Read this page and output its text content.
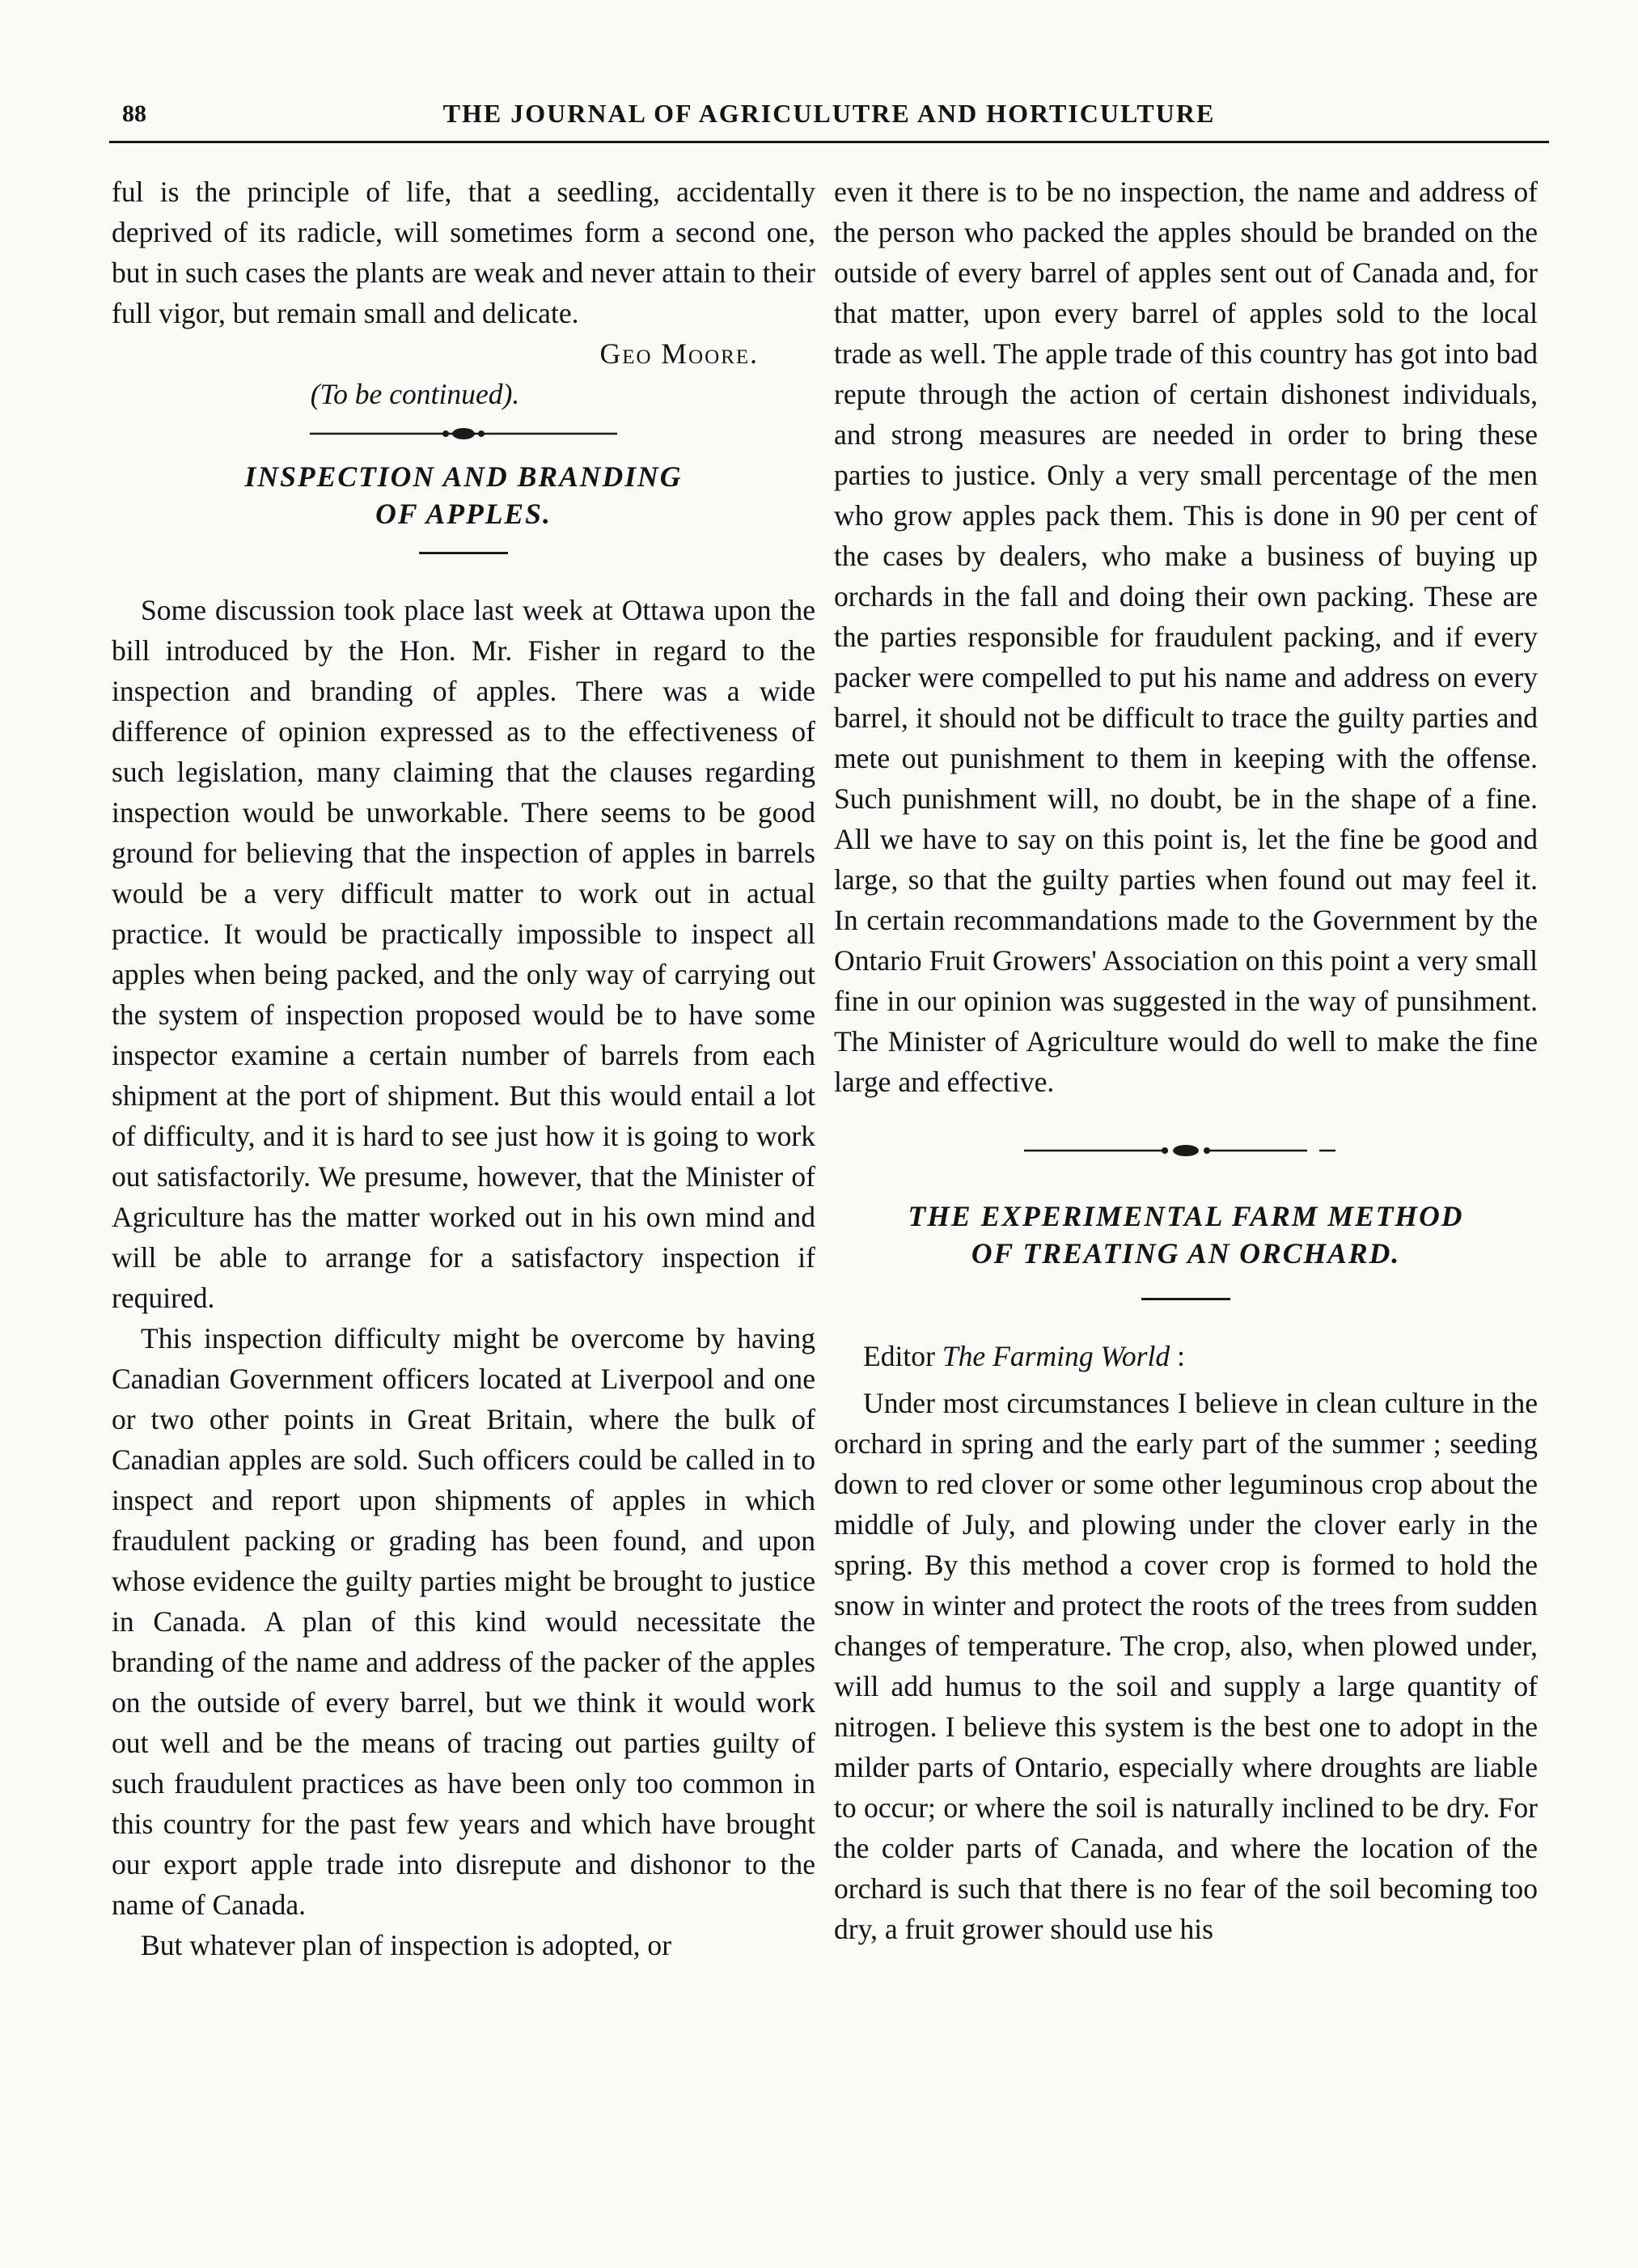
88	THE JOURNAL OF AGRICULUTRE AND HORTICULTURE

ful is the principle of life, that a seedling, accidentally deprived of its radicle, will sometimes form a second one, but in such cases the plants are weak and never attain to their full vigor, but remain small and delicate.

Geo Moore.

(To be continued).

INSPECTION AND BRANDING
OF APPLES.

Some discussion took place last week at Ottawa upon the bill introduced by the Hon. Mr. Fisher in regard to the inspection and branding of apples. There was a wide difference of opinion expressed as to the effectiveness of such legislation, many claiming that the clauses regarding inspection would be unworkable. There seems to be good ground for believing that the inspection of apples in barrels would be a very difficult matter to work out in actual practice. It would be practically impossible to inspect all apples when being packed, and the only way of carrying out the system of inspection proposed would be to have some inspector examine a certain number of barrels from each shipment at the port of shipment. But this would entail a lot of difficulty, and it is hard to see just how it is going to work out satisfactorily. We presume, however, that the Minister of Agriculture has the matter worked out in his own mind and will be able to arrange for a satisfactory inspection if required.

This inspection difficulty might be overcome by having Canadian Government officers located at Liverpool and one or two other points in Great Britain, where the bulk of Canadian apples are sold. Such officers could be called in to inspect and report upon shipments of apples in which fraudulent packing or grading has been found, and upon whose evidence the guilty parties might be brought to justice in Canada. A plan of this kind would necessitate the branding of the name and address of the packer of the apples on the outside of every barrel, but we think it would work out well and be the means of tracing out parties guilty of such fraudulent practices as have been only too common in this country for the past few years and which have brought our export apple trade into disrepute and dishonor to the name of Canada.

But whatever plan of inspection is adopted, or

even it there is to be no inspection, the name and address of the person who packed the apples should be branded on the outside of every barrel of apples sent out of Canada and, for that matter, upon every barrel of apples sold to the local trade as well. The apple trade of this country has got into bad repute through the action of certain dishonest individuals, and strong measures are needed in order to bring these parties to justice. Only a very small percentage of the men who grow apples pack them. This is done in 90 per cent of the cases by dealers, who make a business of buying up orchards in the fall and doing their own packing. These are the parties responsible for fraudulent packing, and if every packer were compelled to put his name and address on every barrel, it should not be difficult to trace the guilty parties and mete out punishment to them in keeping with the offense. Such punishment will, no doubt, be in the shape of a fine. All we have to say on this point is, let the fine be good and large, so that the guilty parties when found out may feel it. In certain recommandations made to the Government by the Ontario Fruit Growers' Association on this point a very small fine in our opinion was suggested in the way of punsihment. The Minister of Agriculture would do well to make the fine large and effective.

THE EXPERIMENTAL FARM METHOD
OF TREATING AN ORCHARD.

Editor The Farming World :

Under most circumstances I believe in clean culture in the orchard in spring and the early part of the summer ; seeding down to red clover or some other leguminous crop about the middle of July, and plowing under the clover early in the spring. By this method a cover crop is formed to hold the snow in winter and protect the roots of the trees from sudden changes of temperature. The crop, also, when plowed under, will add humus to the soil and supply a large quantity of nitrogen. I believe this system is the best one to adopt in the milder parts of Ontario, especially where droughts are liable to occur; or where the soil is naturally inclined to be dry. For the colder parts of Canada, and where the location of the orchard is such that there is no fear of the soil becoming too dry, a fruit grower should use his
